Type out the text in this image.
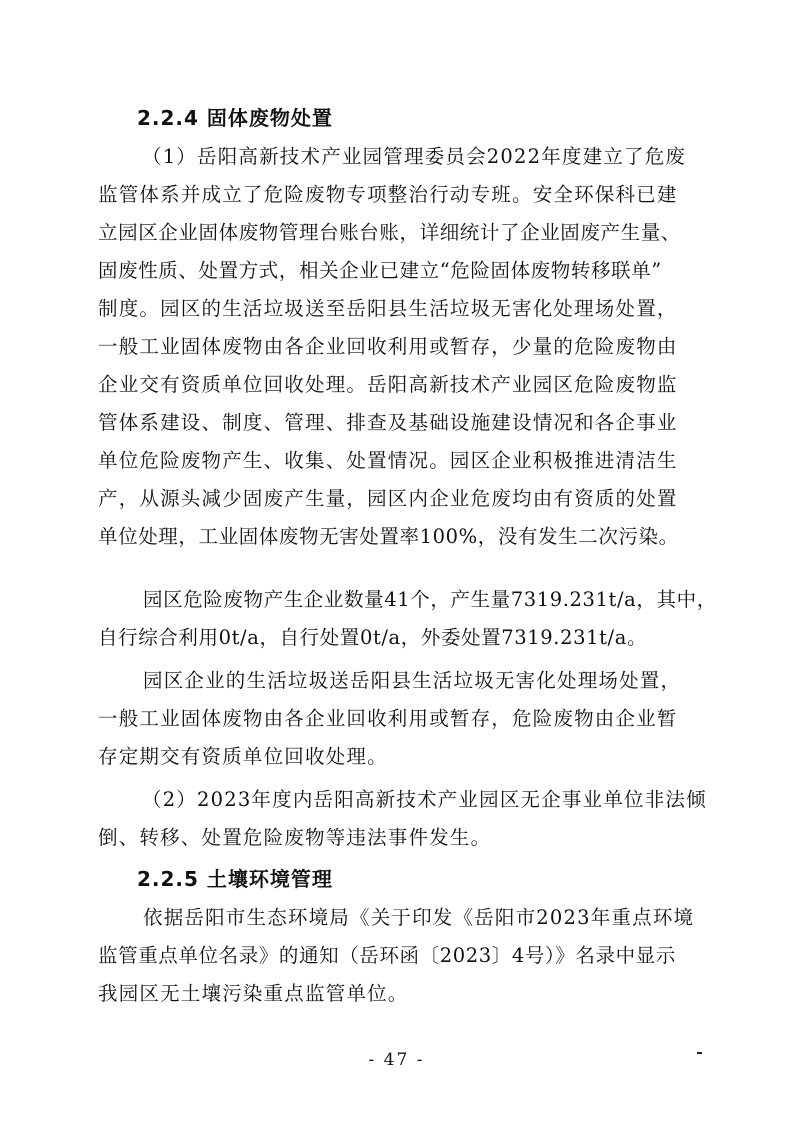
2.2.4 固体废物处置
（1）岳阳高新技术产业园管理委员会2022年度建立了危废
监管体系并成立了危险废物专项整治行动专班。安全环保科已建
立园区企业固体废物管理台账台账，详细统计了企业固废产生量、
固废性质、处置方式，相关企业已建立“危险固体废物转移联单”
制度。园区的生活垃圾送至岳阳县生活垃圾无害化处理场处置，
一般工业固体废物由各企业回收利用或暂存，少量的危险废物由
企业交有资质单位回收处理。岳阳高新技术产业园区危险废物监
管体系建设、制度、管理、排查及基础设施建设情况和各企事业
单位危险废物产生、收集、处置情况。园区企业积极推进清洁生
产，从源头减少固废产生量，园区内企业危废均由有资质的处置
单位处理，工业固体废物无害处置率100%，没有发生二次污染。
园区危险废物产生企业数量41个，产生量7319.231t/a，其中，
自行综合利用0t/a，自行处置0t/a，外委处置7319.231t/a。
园区企业的生活垃圾送岳阳县生活垃圾无害化处理场处置，
一般工业固体废物由各企业回收利用或暂存，危险废物由企业暂
存定期交有资质单位回收处理。
（2）2023年度内岳阳高新技术产业园区无企事业单位非法倾
倒、转移、处置危险废物等违法事件发生。
2.2.5 土壤环境管理
依据岳阳市生态环境局《关于印发《岳阳市2023年重点环境
监管重点单位名录》的通知（岳环函〔2023〕4号）》名录中显示
我园区无土壤污染重点监管单位。
- 47 -
